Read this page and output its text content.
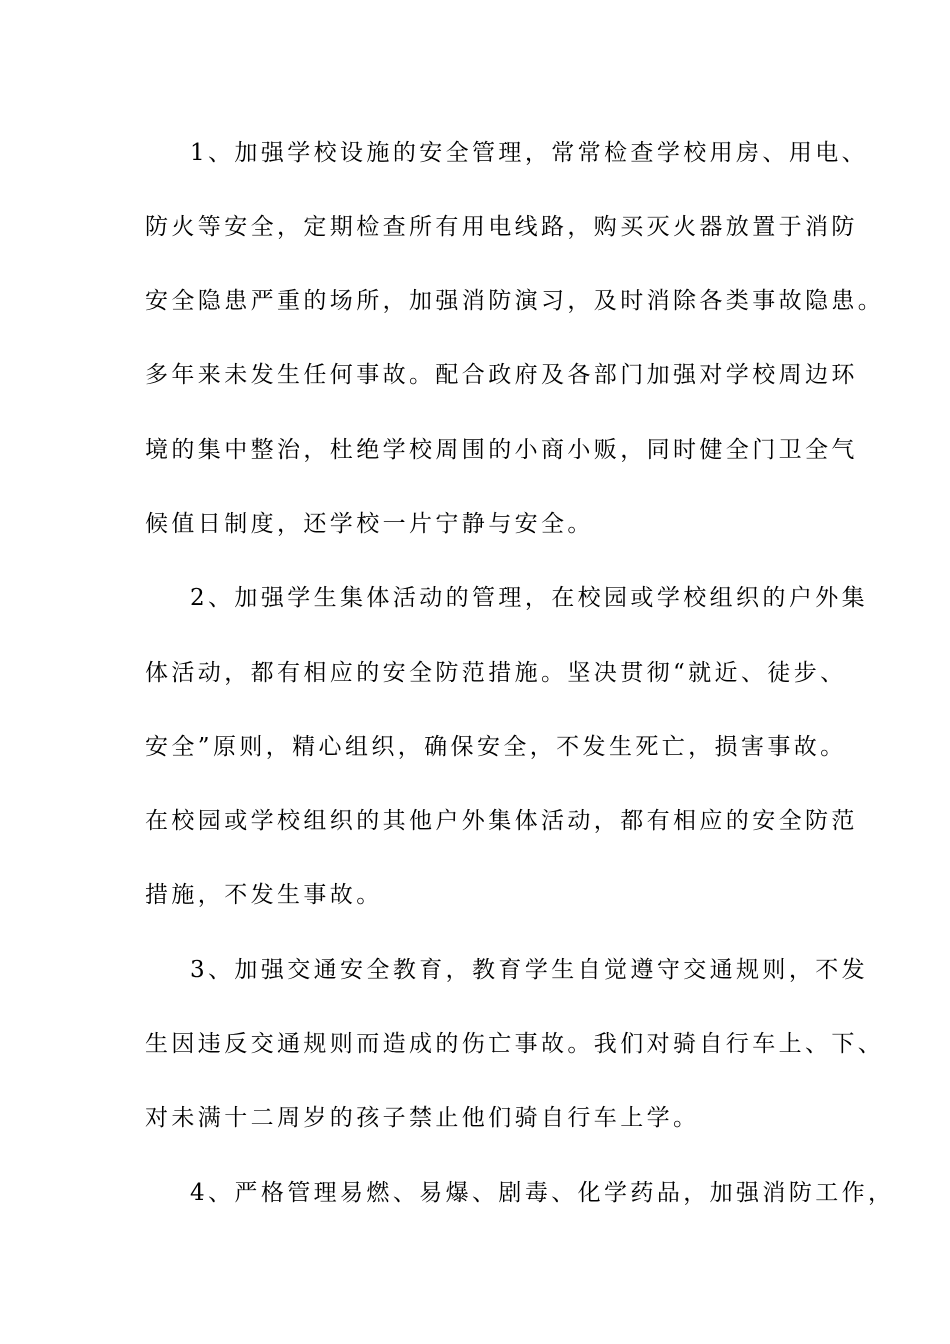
1、加强学校设施的安全管理，常常检查学校用房、用电、
防火等安全，定期检查所有用电线路，购买灭火器放置于消防
安全隐患严重的场所，加强消防演习，及时消除各类事故隐患。
多年来未发生任何事故。配合政府及各部门加强对学校周边环
境的集中整治，杜绝学校周围的小商小贩，同时健全门卫全气
候值日制度，还学校一片宁静与安全。
2、加强学生集体活动的管理，在校园或学校组织的户外集
体活动，都有相应的安全防范措施。坚决贯彻“就近、徒步、
安全”原则，精心组织，确保安全，不发生死亡，损害事故。
在校园或学校组织的其他户外集体活动，都有相应的安全防范
措施，不发生事故。
3、加强交通安全教育，教育学生自觉遵守交通规则，不发
生因违反交通规则而造成的伤亡事故。我们对骑自行车上、下、
对未满十二周岁的孩子禁止他们骑自行车上学。
4、严格管理易燃、易爆、剧毒、化学药品，加强消防工作，
